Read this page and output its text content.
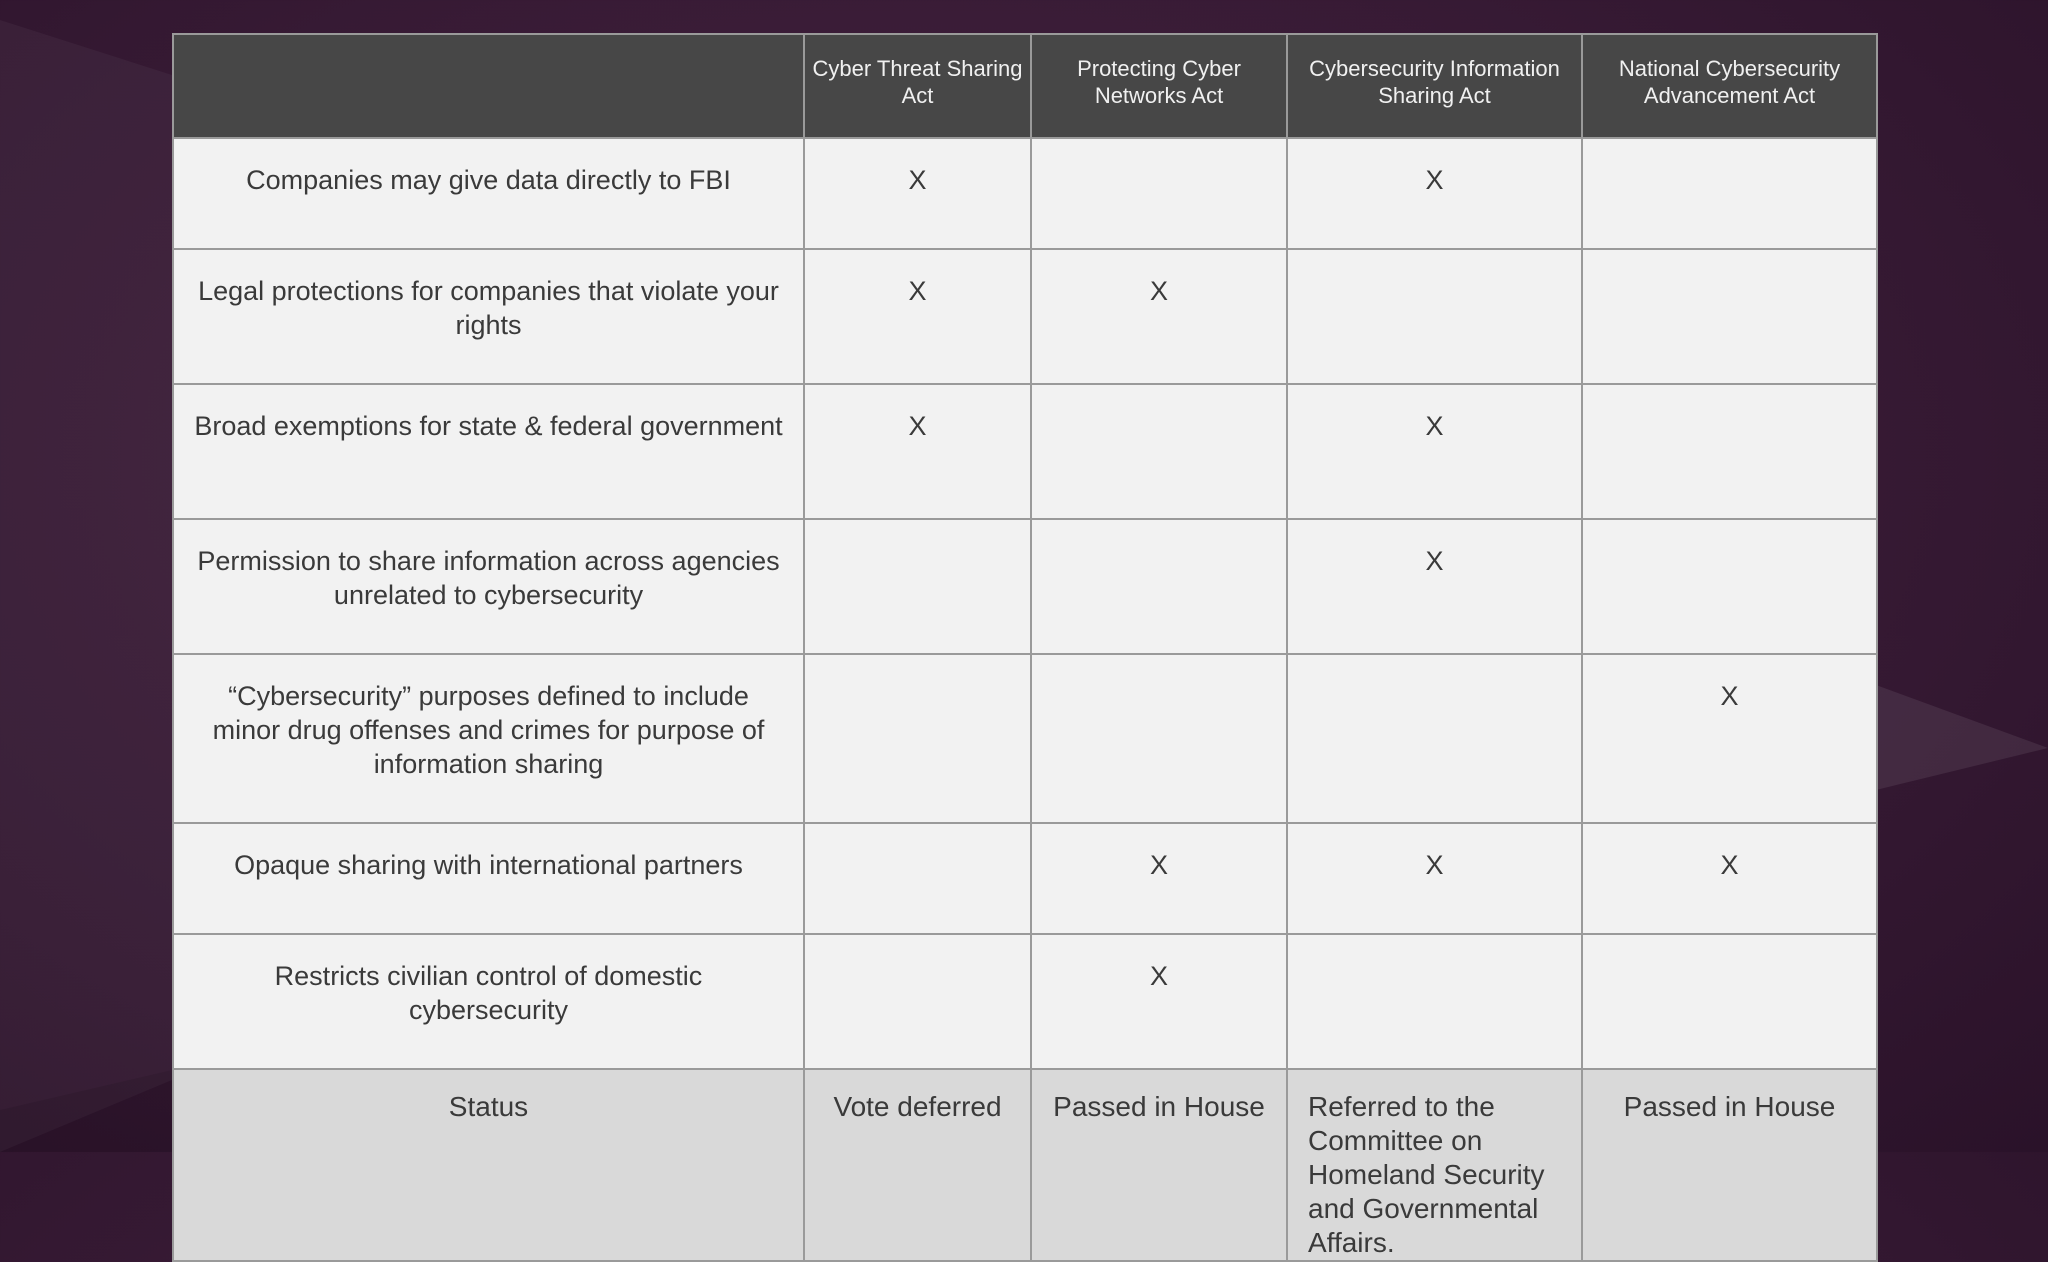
	Cyber Threat Sharing Act	Protecting Cyber Networks Act	Cybersecurity Information Sharing Act	National Cybersecurity Advancement Act
Companies may give data directly to FBI	X		X	
Legal protections for companies that violate your rights	X	X		
Broad exemptions for state & federal government	X		X	
Permission to share information across agencies unrelated to cybersecurity			X	
“Cybersecurity” purposes defined to include minor drug offenses and crimes for purpose of information sharing				X
Opaque sharing with international partners		X	X	X
Restricts civilian control of domestic cybersecurity		X		
Status	Vote deferred	Passed in House	Referred to the Committee on Homeland Security and Governmental Affairs.	Passed in House
